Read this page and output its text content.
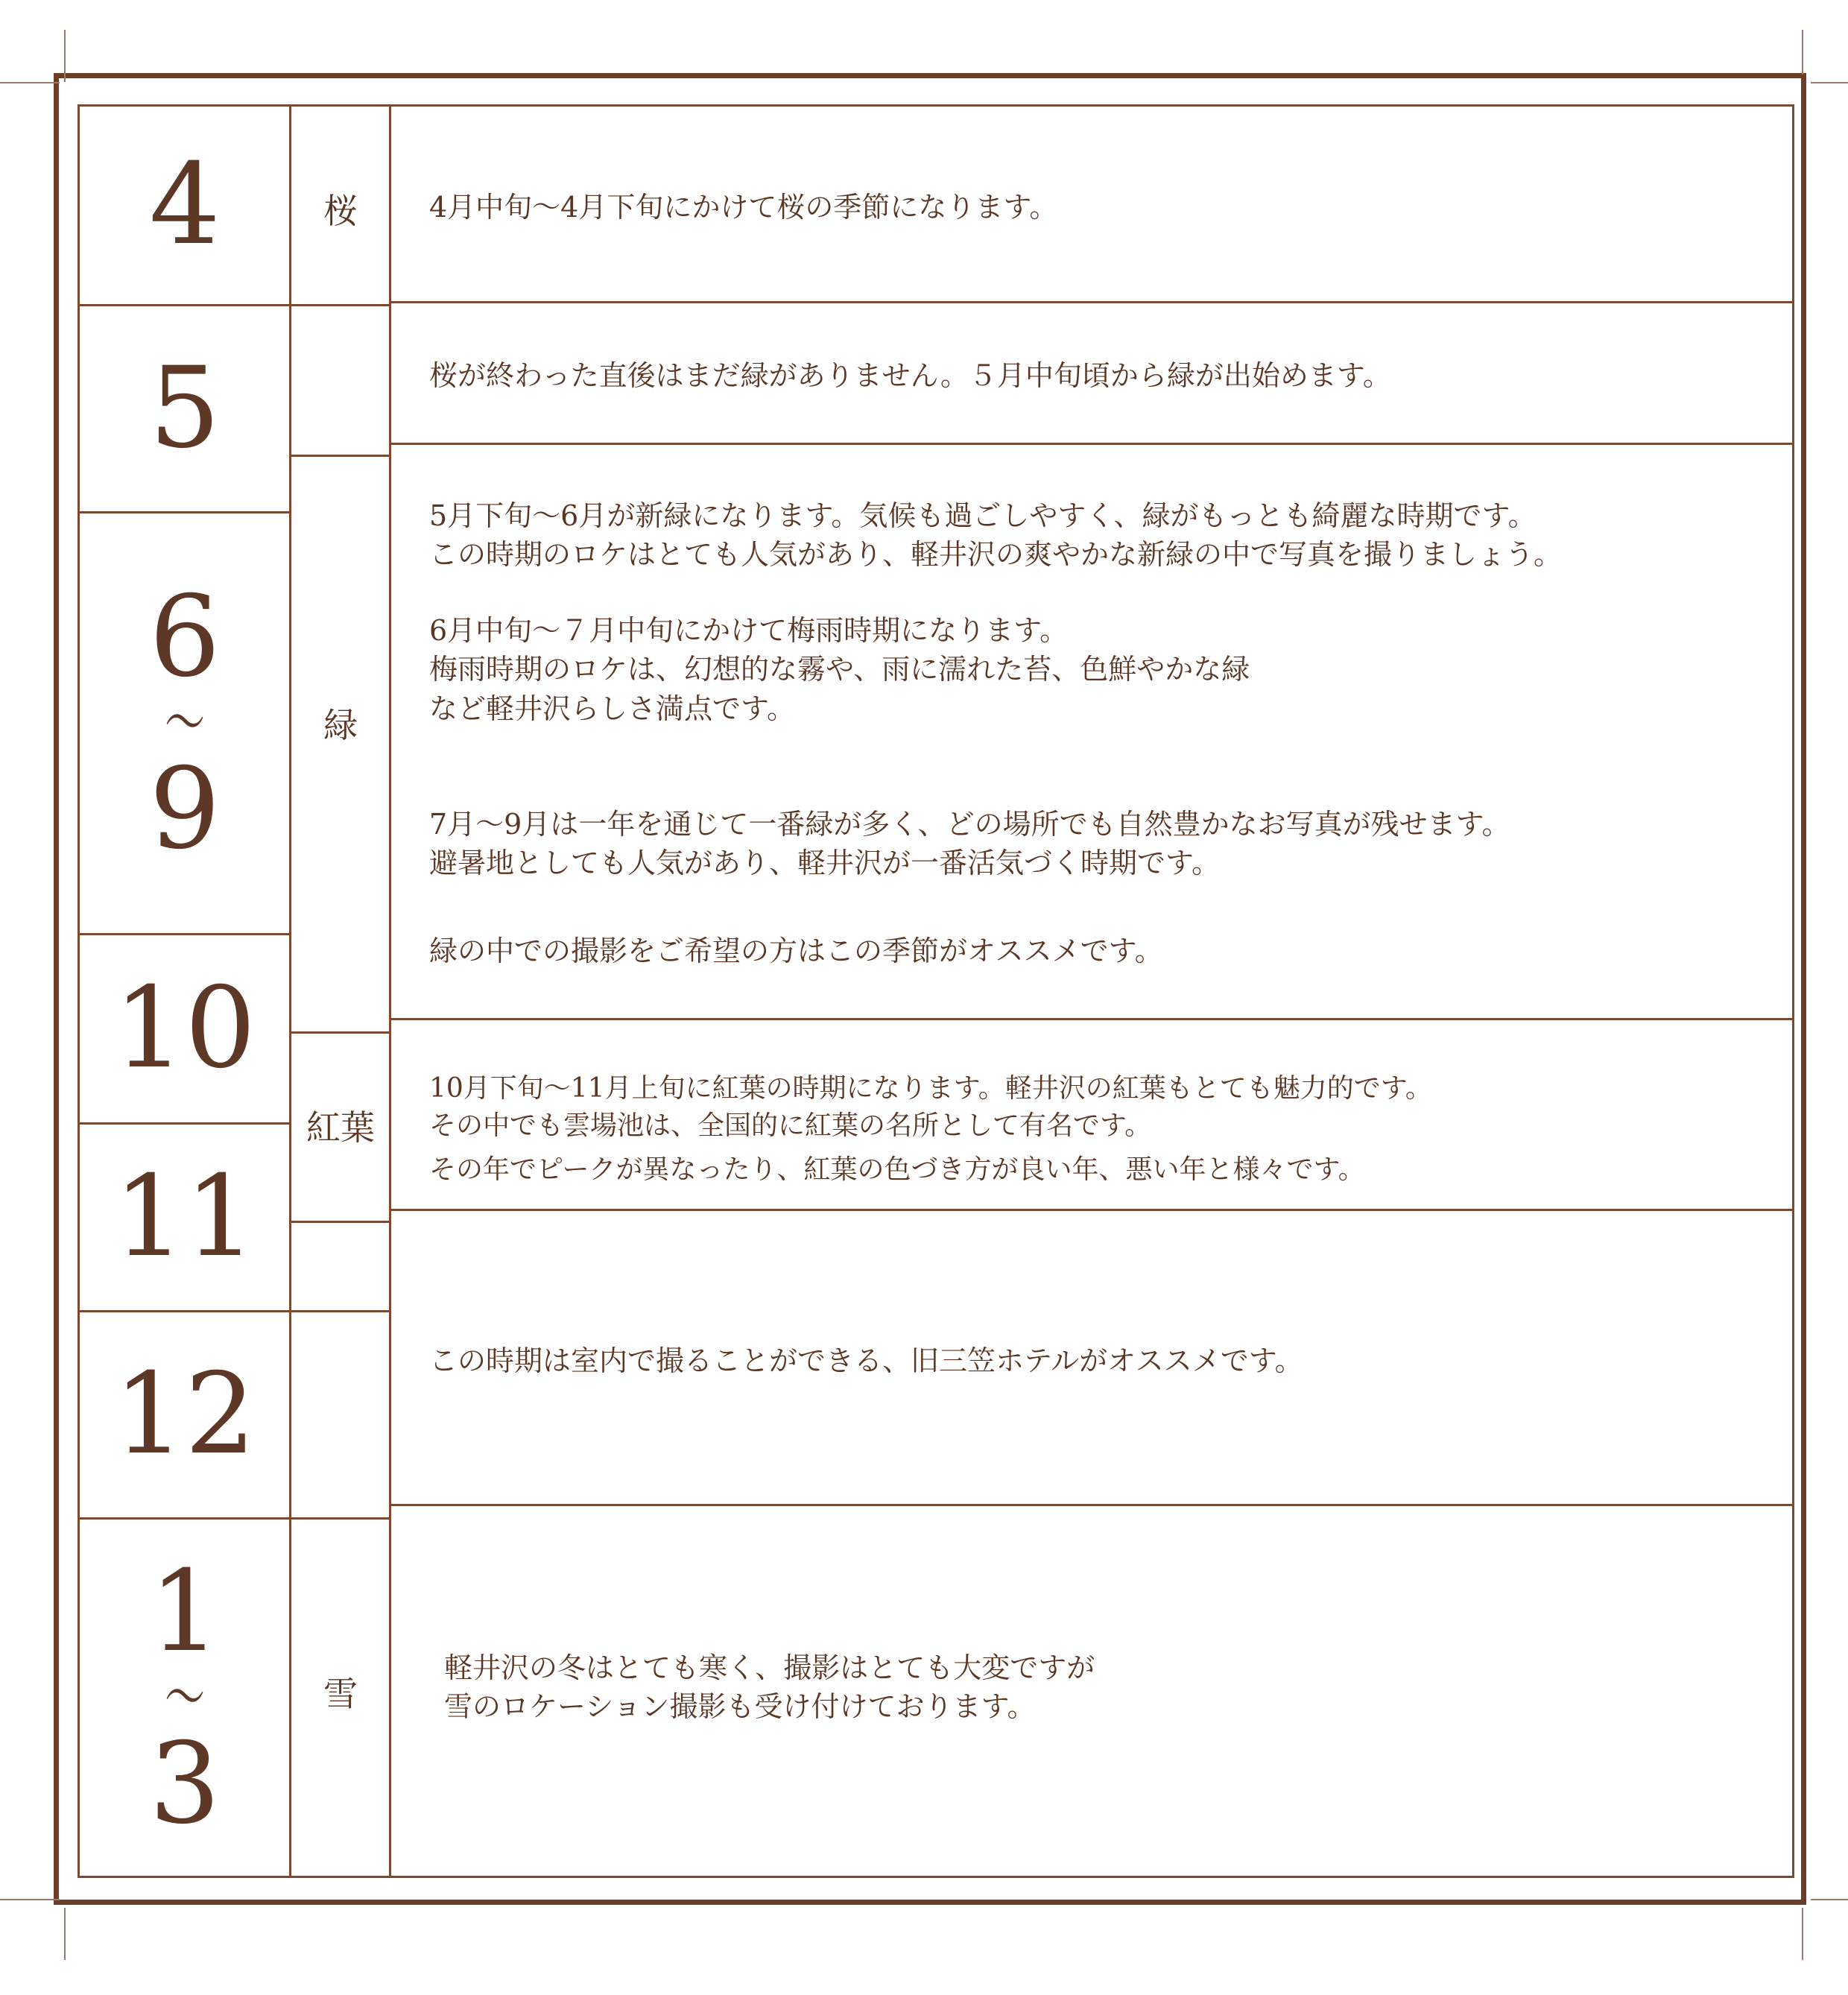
4
5
6
〜
9
10
11
12
1
〜
3
桜
緑
紅葉
雪

4月中旬〜4月下旬にかけて桜の季節になります。

桜が終わった直後はまだ緑がありません。５月中旬頃から緑が出始めます。

5月下旬〜6月が新緑になります。気候も過ごしやすく、緑がもっとも綺麗な時期です。

この時期のロケはとても人気があり、軽井沢の爽やかな新緑の中で写真を撮りましょう。

6月中旬〜７月中旬にかけて梅雨時期になります。

梅雨時期のロケは、幻想的な霧や、雨に濡れた苔、色鮮やかな緑

など軽井沢らしさ満点です。

7月〜9月は一年を通じて一番緑が多く、どの場所でも自然豊かなお写真が残せます。

避暑地としても人気があり、軽井沢が一番活気づく時期です。

緑の中での撮影をご希望の方はこの季節がオススメです。

10月下旬〜11月上旬に紅葉の時期になります。軽井沢の紅葉もとても魅力的です。

その中でも雲場池は、全国的に紅葉の名所として有名です。

その年でピークが異なったり、紅葉の色づき方が良い年、悪い年と様々です。

この時期は室内で撮ることができる、旧三笠ホテルがオススメです。

軽井沢の冬はとても寒く、撮影はとても大変ですが

雪のロケーション撮影も受け付けております。
